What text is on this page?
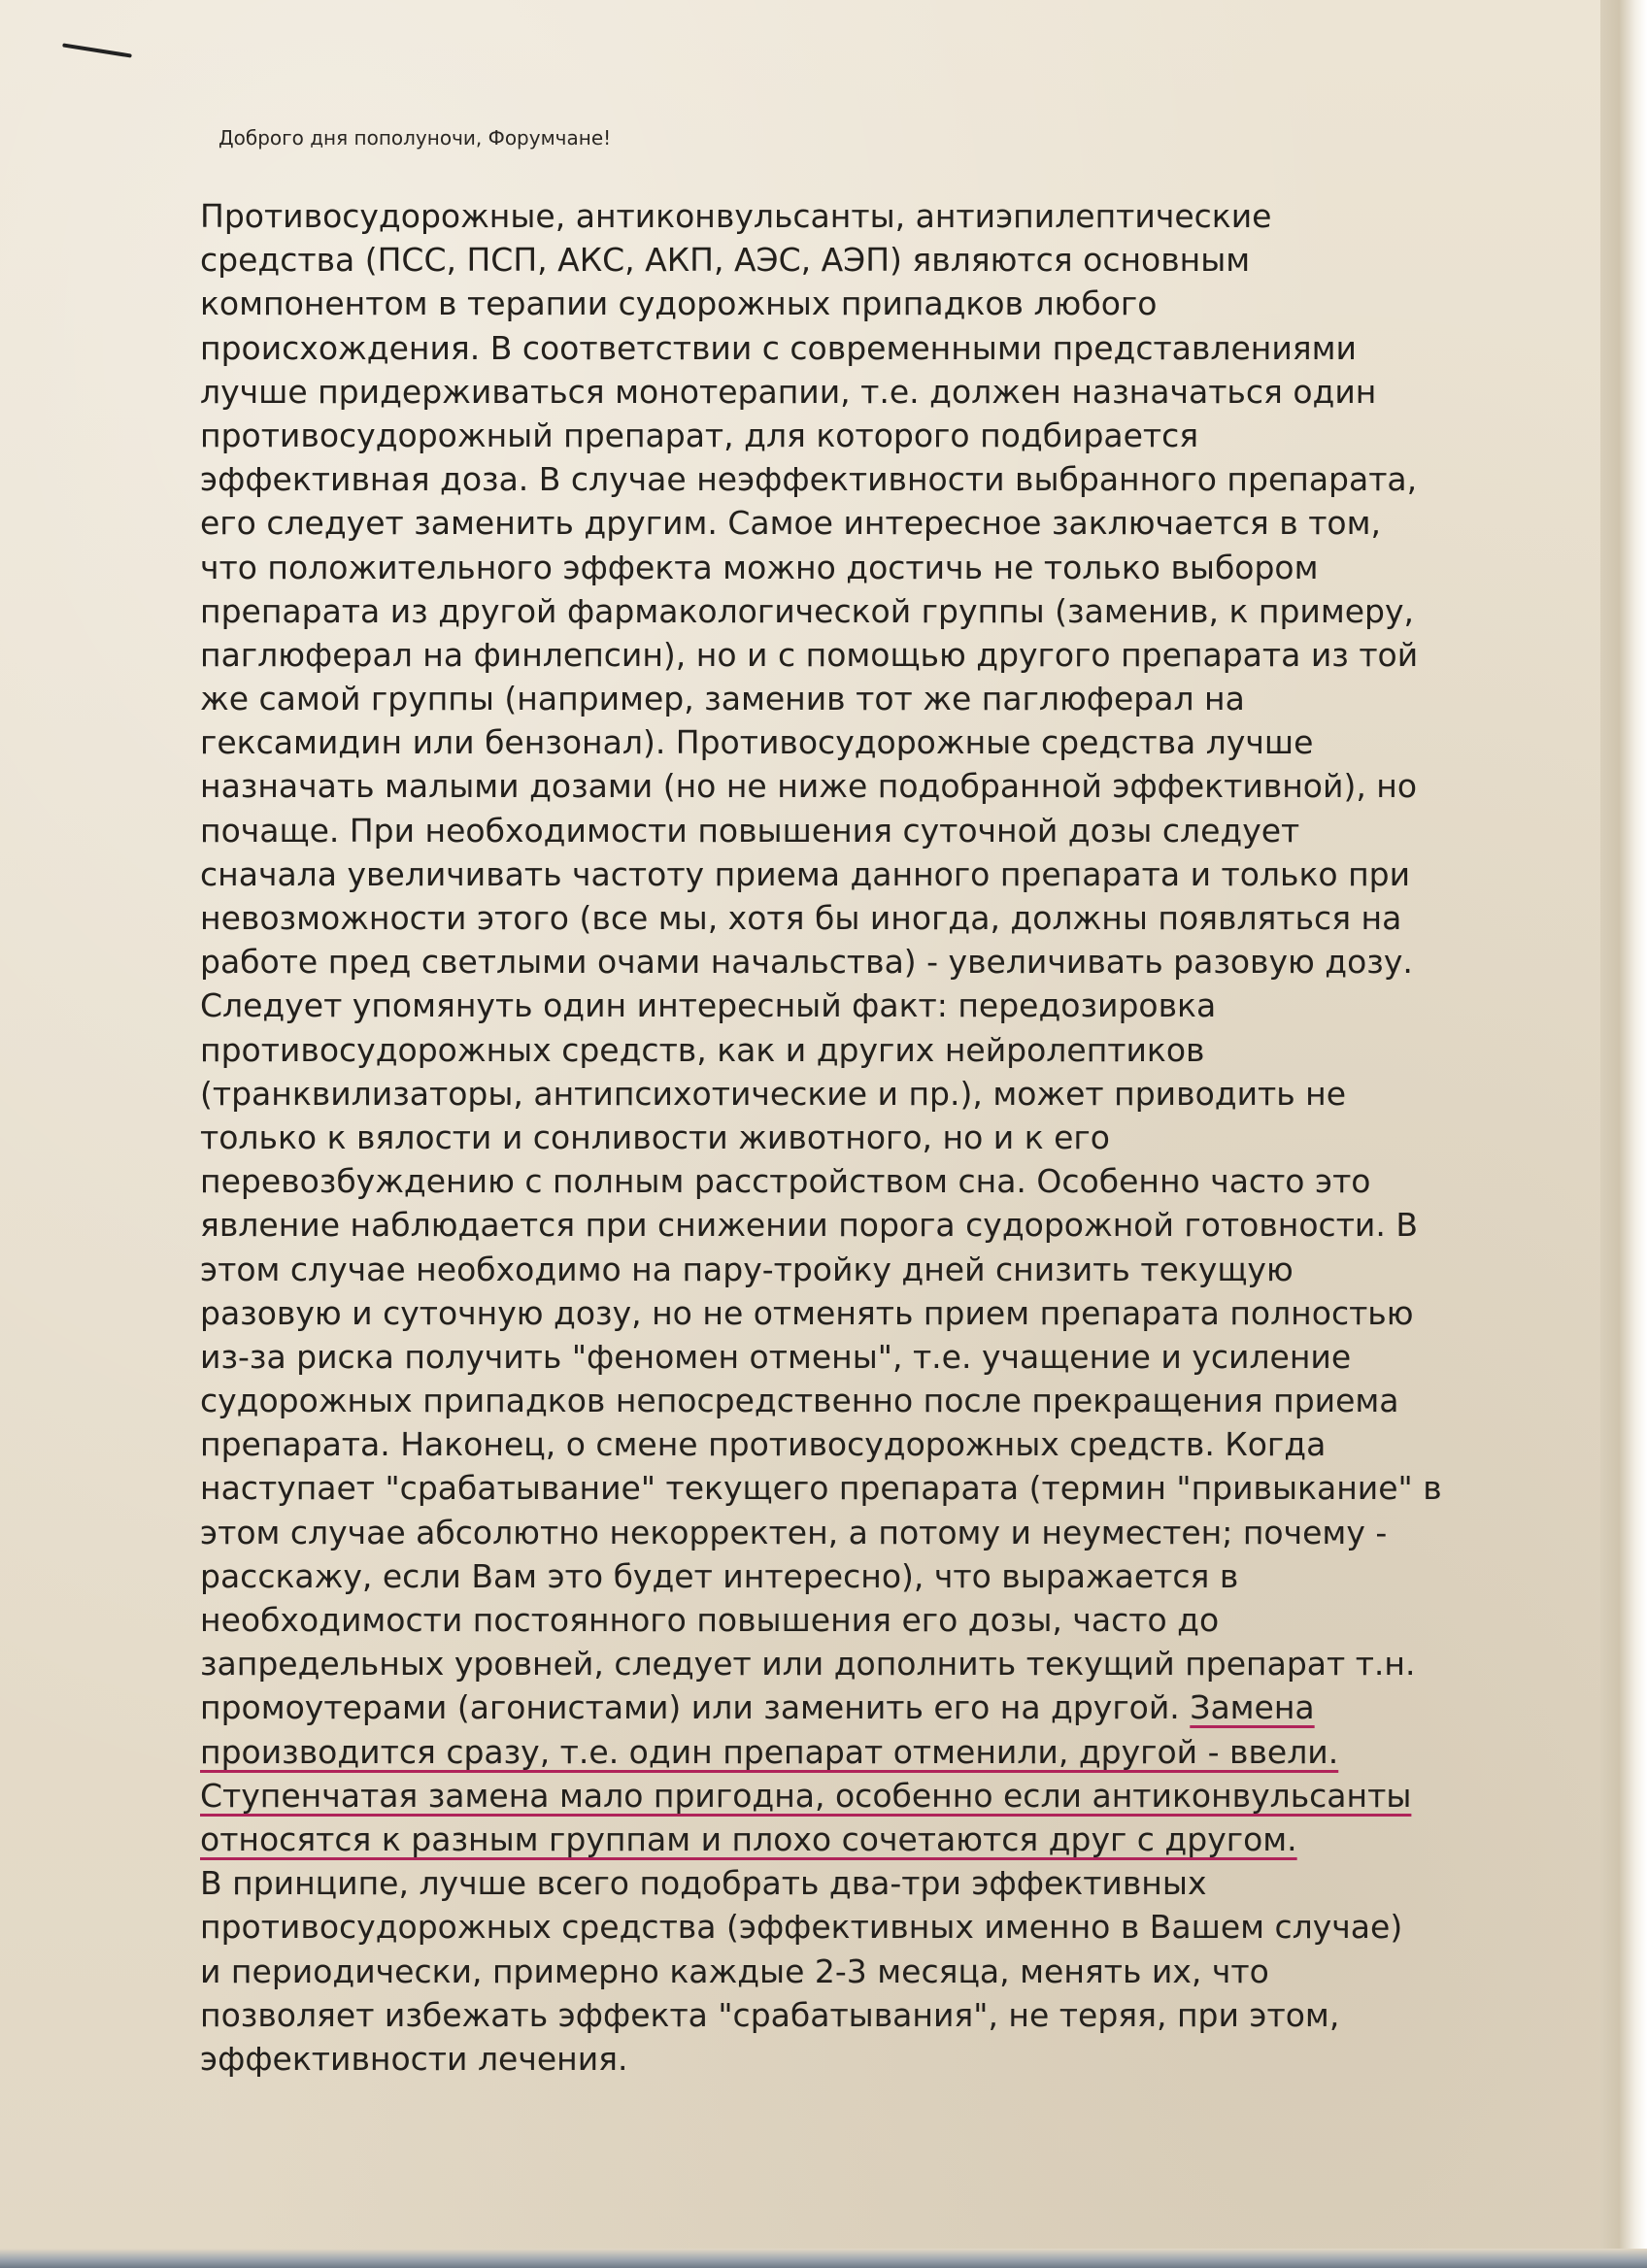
Доброго дня пополуночи, Форумчане!
Противосудорожные, антиконвульсанты, антиэпилептические
средства (ПСС, ПСП, АКС, АКП, АЭС, АЭП) являются основным
компонентом в терапии судорожных припадков любого
происхождения. В соответствии с современными представлениями
лучше придерживаться монотерапии, т.е. должен назначаться один
противосудорожный препарат, для которого подбирается
эффективная доза. В случае неэффективности выбранного препарата,
его следует заменить другим. Самое интересное заключается в том,
что положительного эффекта можно достичь не только выбором
препарата из другой фармакологической группы (заменив, к примеру,
паглюферал на финлепсин), но и с помощью другого препарата из той
же самой группы (например, заменив тот же паглюферал на
гексамидин или бензонал). Противосудорожные средства лучше
назначать малыми дозами (но не ниже подобранной эффективной), но
почаще. При необходимости повышения суточной дозы следует
сначала увеличивать частоту приема данного препарата и только при
невозможности этого (все мы, хотя бы иногда, должны появляться на
работе пред светлыми очами начальства) - увеличивать разовую дозу.
Следует упомянуть один интересный факт: передозировка
противосудорожных средств, как и других нейролептиков
(транквилизаторы, антипсихотические и пр.), может приводить не
только к вялости и сонливости животного, но и к его
перевозбуждению с полным расстройством сна. Особенно часто это
явление наблюдается при снижении порога судорожной готовности. В
этом случае необходимо на пару-тройку дней снизить текущую
разовую и суточную дозу, но не отменять прием препарата полностью
из-за риска получить "феномен отмены", т.е. учащение и усиление
судорожных припадков непосредственно после прекращения приема
препарата. Наконец, о смене противосудорожных средств. Когда
наступает "срабатывание" текущего препарата (термин "привыкание" в
этом случае абсолютно некорректен, а потому и неуместен; почему -
расскажу, если Вам это будет интересно), что выражается в
необходимости постоянного повышения его дозы, часто до
запредельных уровней, следует или дополнить текущий препарат т.н.
промоутерами (агонистами) или заменить его на другой. Замена
производится сразу, т.е. один препарат отменили, другой - ввели.
Ступенчатая замена мало пригодна, особенно если антиконвульсанты
относятся к разным группам и плохо сочетаются друг с другом.
В принципе, лучше всего подобрать два-три эффективных
противосудорожных средства (эффективных именно в Вашем случае)
и периодически, примерно каждые 2-3 месяца, менять их, что
позволяет избежать эффекта "срабатывания", не теряя, при этом,
эффективности лечения.
